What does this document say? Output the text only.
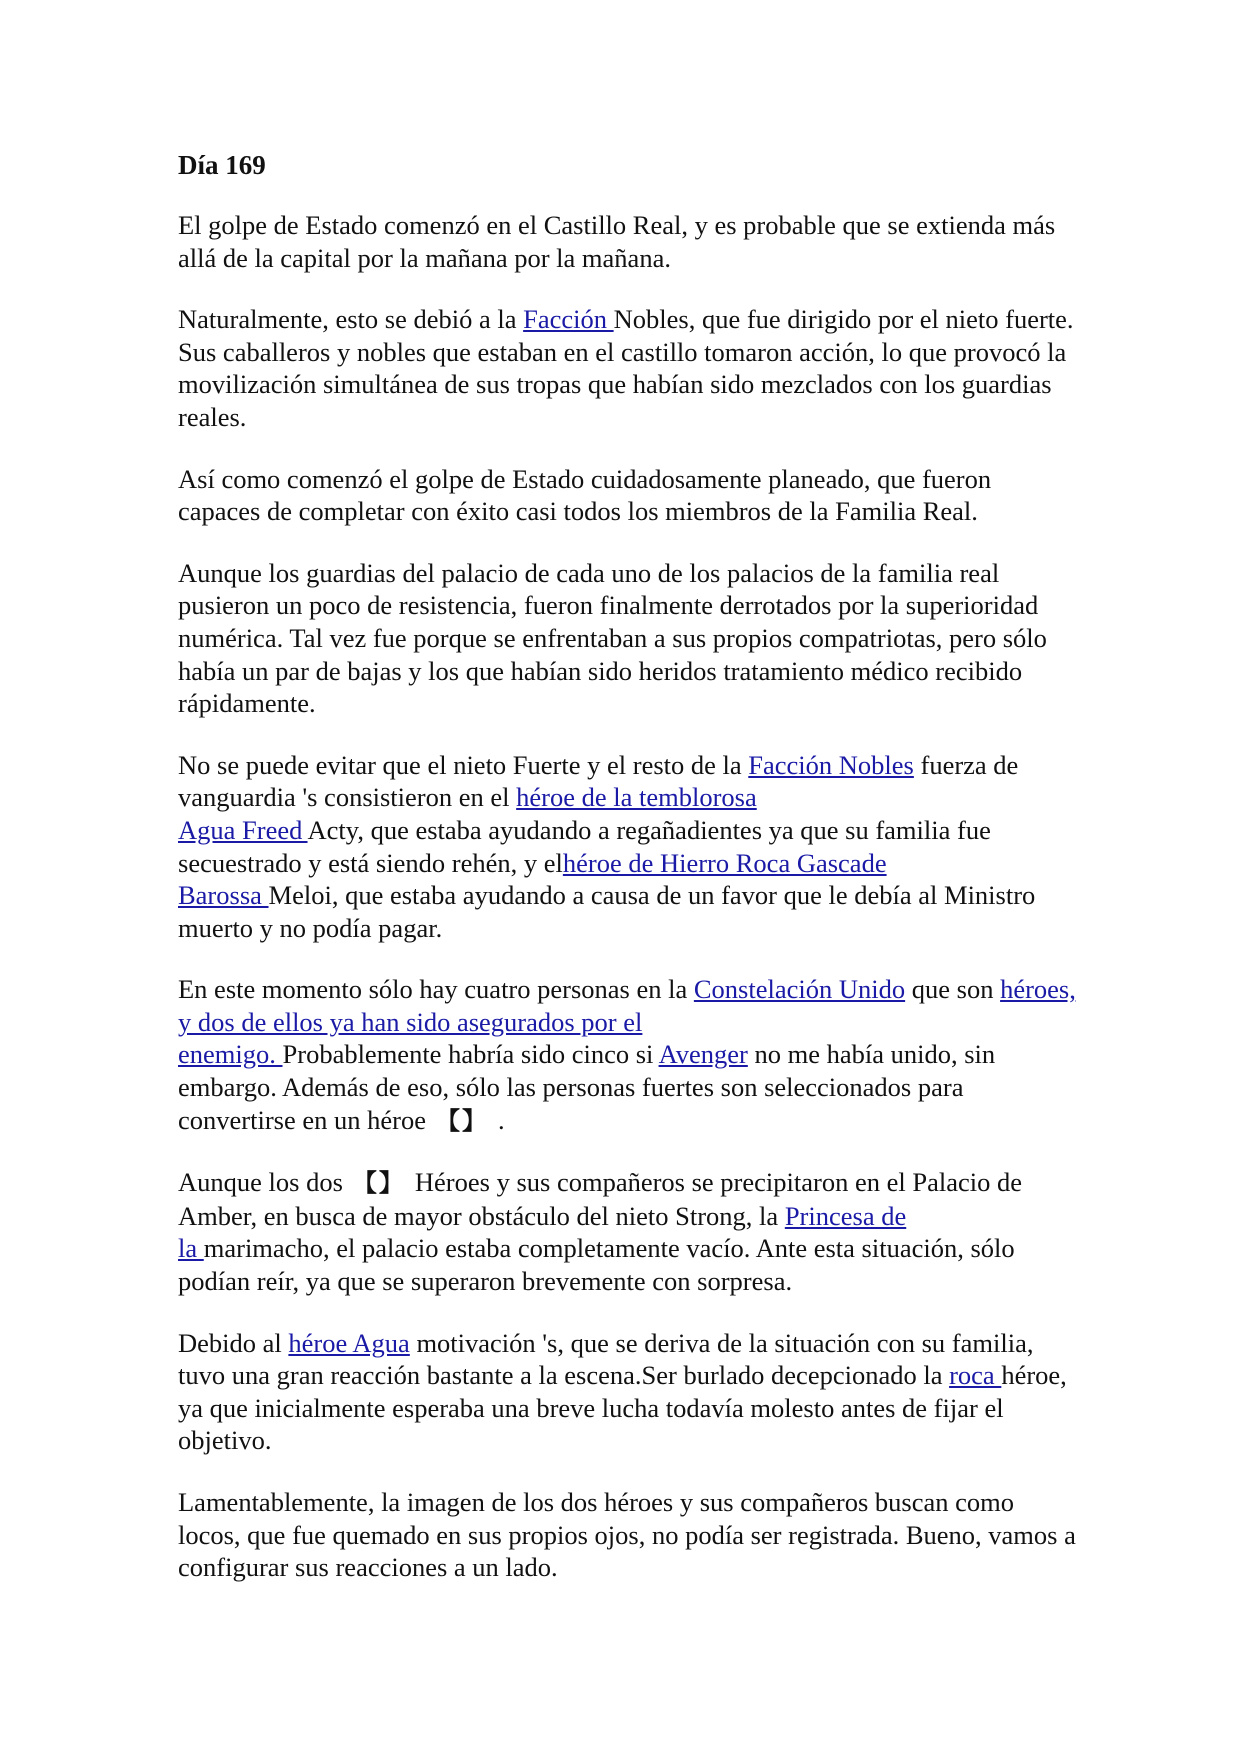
Día 169

El golpe de Estado comenzó en el Castillo Real, y es probable que se extienda más allá de la capital por la mañana por la mañana.

Naturalmente, esto se debió a la Facción Nobles, que fue dirigido por el nieto fuerte. Sus caballeros y nobles que estaban en el castillo tomaron acción, lo que provocó la movilización simultánea de sus tropas que habían sido mezclados con los guardias reales.

Así como comenzó el golpe de Estado cuidadosamente planeado, que fueron capaces de completar con éxito casi todos los miembros de la Familia Real.

Aunque los guardias del palacio de cada uno de los palacios de la familia real pusieron un poco de resistencia, fueron finalmente derrotados por la superioridad numérica. Tal vez fue porque se enfrentaban a sus propios compatriotas, pero sólo había un par de bajas y los que habían sido heridos tratamiento médico recibido rápidamente.

No se puede evitar que el nieto Fuerte y el resto de la Facción Nobles fuerza de vanguardia 's consistieron en el héroe de la temblorosa
Agua Freed Acty, que estaba ayudando a regañadientes ya que su familia fue secuestrado y está siendo rehén, y elhéroe de Hierro Roca Gascade
Barossa Meloi, que estaba ayudando a causa de un favor que le debía al Ministro muerto y no podía pagar.

En este momento sólo hay cuatro personas en la Constelación Unido que son héroes, y dos de ellos ya han sido asegurados por el
enemigo. Probablemente habría sido cinco si Avenger no me había unido, sin embargo. Además de eso, sólo las personas fuertes son seleccionados para convertirse en un héroe 【】 .

Aunque los dos 【】 Héroes y sus compañeros se precipitaron en el Palacio de Amber, en busca de mayor obstáculo del nieto Strong, la Princesa de
la marimacho, el palacio estaba completamente vacío. Ante esta situación, sólo podían reír, ya que se superaron brevemente con sorpresa.

Debido al héroe Agua motivación 's, que se deriva de la situación con su familia, tuvo una gran reacción bastante a la escena.Ser burlado decepcionado la roca héroe, ya que inicialmente esperaba una breve lucha todavía molesto antes de fijar el objetivo.

Lamentablemente, la imagen de los dos héroes y sus compañeros buscan como locos, que fue quemado en sus propios ojos, no podía ser registrada. Bueno, vamos a configurar sus reacciones a un lado.
